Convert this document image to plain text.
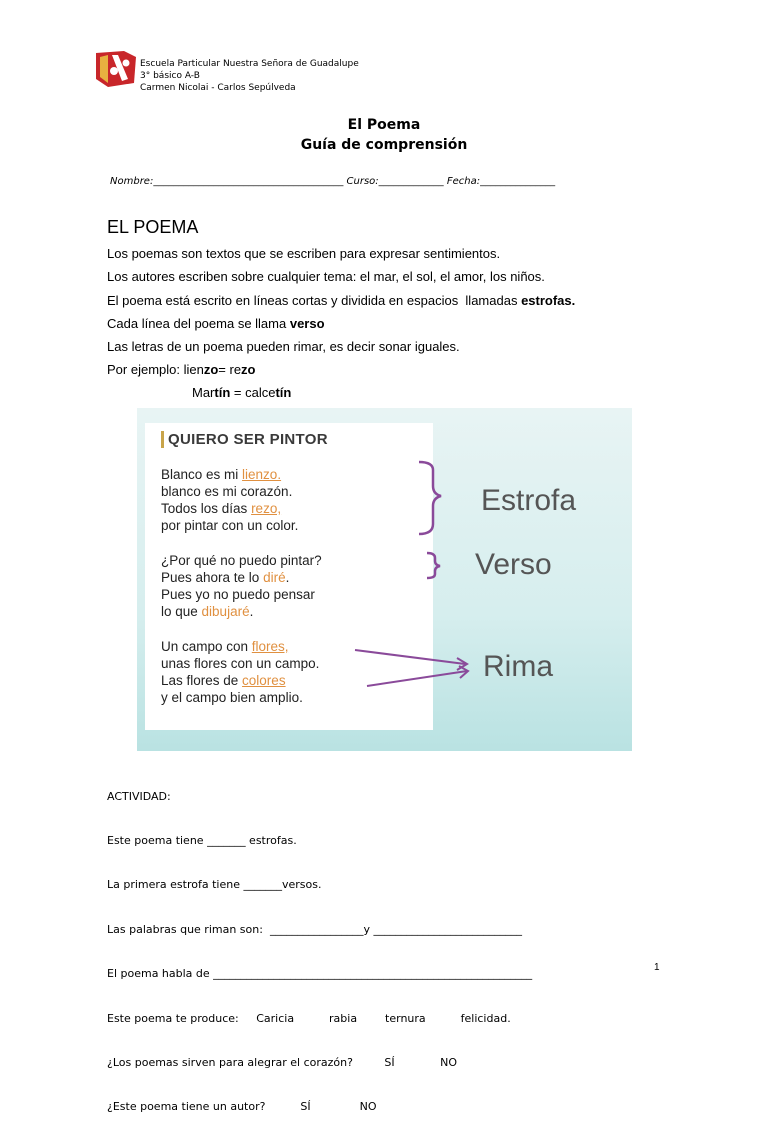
Escuela Particular Nuestra Señora de Guadalupe
3° básico A-B
Carmen Nicolai - Carlos Sepúlveda
El Poema
Guía de comprensión
Nombre:______________________________________ Curso:_____________ Fecha:_______________
EL POEMA
Los poemas son textos que se escriben para expresar sentimientos.
Los autores escriben sobre cualquier tema: el mar, el sol, el amor, los niños.
El poema está escrito en líneas cortas y dividida en espacios  llamadas estrofas.
Cada línea del poema se llama verso
Las letras de un poema pueden rimar, es decir sonar iguales.
Por ejemplo: lienzo= rezo
Martín = calcetín
QUIERO SER PINTOR
Blanco es mi lienzo.
blanco es mi corazón.
Todos los días rezo,
por pintar con un color.
¿Por qué no puedo pintar?
Pues ahora te lo diré.
Pues yo no puedo pensar
lo que dibujaré.
Un campo con flores,
unas flores con un campo.
Las flores de colores
y el campo bien amplio.
Estrofa
Verso
Rima

ACTIVIDAD:

Este poema tiene _______ estrofas.

La primera estrofa tiene _______versos.

Las palabras que riman son:  _________________y ___________________________

El poema habla de __________________________________________________________

Este poema te produce:     Caricia          rabia        ternura          felicidad.

¿Los poemas sirven para alegrar el corazón?         SÍ             NO

¿Este poema tiene un autor?          SÍ              NO

1
